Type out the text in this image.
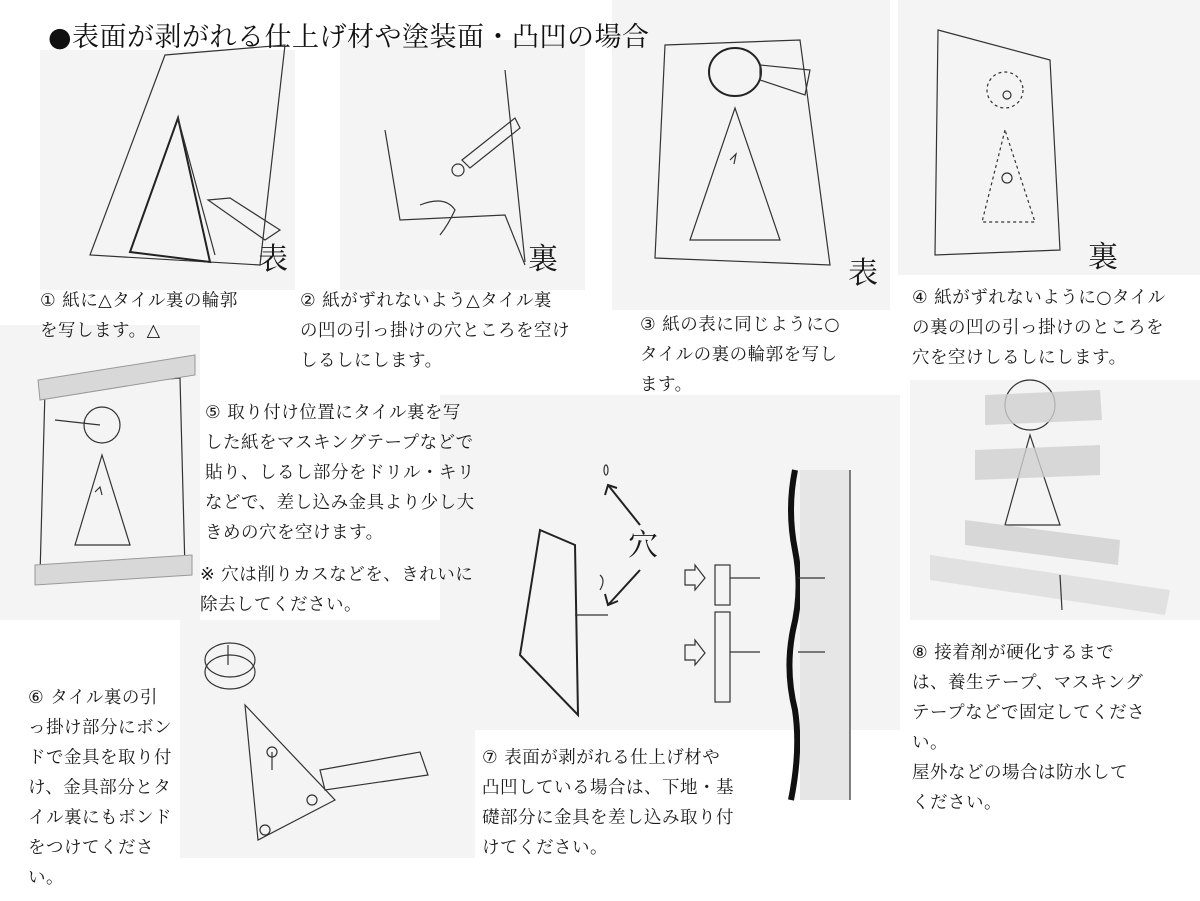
●表面が剥がれる仕上げ材や塗装面・凸凹の場合
表	裏	表	裏
穴
① 紙に△タイル裏の輪郭
を写します。△
② 紙がずれないよう△タイル裏
の凹の引っ掛けの穴ところを空け
しるしにします。
③ 紙の表に同じように○
タイルの裏の輪郭を写し
ます。
④ 紙がずれないように○タイル
の裏の凹の引っ掛けのところを
穴を空けしるしにします。
⑤ 取り付け位置にタイル裏を写
した紙をマスキングテープなどで
貼り、しるし部分をドリル・キリ
などで、差し込み金具より少し大
きめの穴を空けます。
※ 穴は削りカスなどを、きれいに
除去してください。
⑥ タイル裏の引
っ掛け部分にボン
ドで金具を取り付
け、金具部分とタ
イル裏にもボンド
をつけてくださ
い。
⑦ 表面が剥がれる仕上げ材や
凸凹している場合は、下地・基
礎部分に金具を差し込み取り付
けてください。
⑧ 接着剤が硬化するまで
は、養生テープ、マスキング
テープなどで固定してくださ
い。
屋外などの場合は防水して
ください。
